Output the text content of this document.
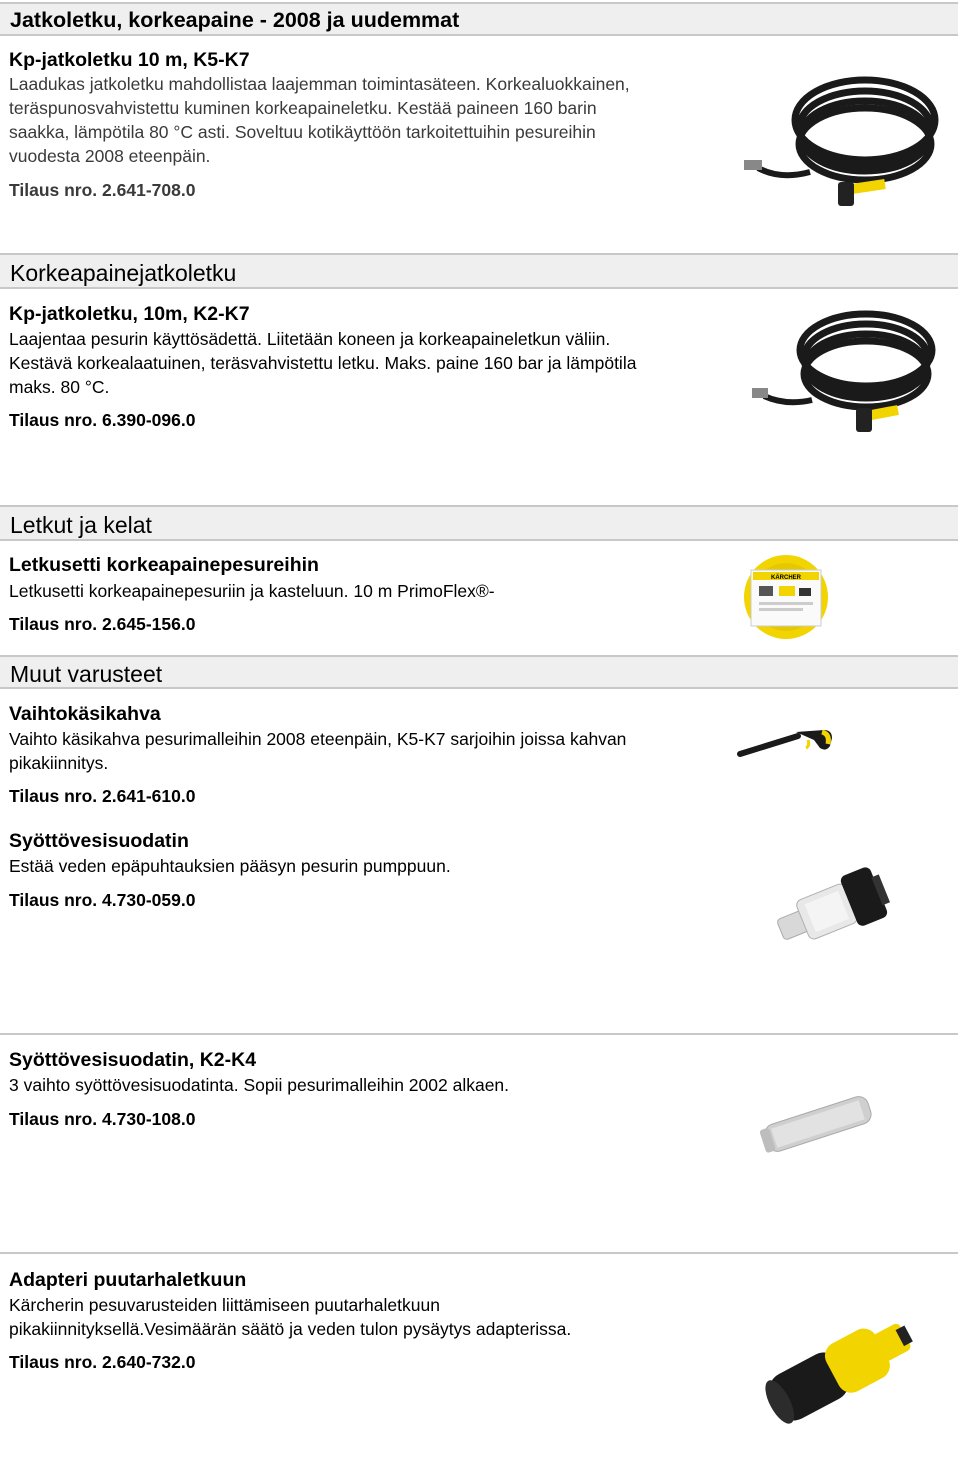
Jatkoletku, korkeapaine - 2008 ja uudemmat
Kp-jatkoletku 10 m, K5-K7
Laadukas jatkoletku mahdollistaa laajemman toimintasäteen. Korkealuokkainen,
teräspunosvahvistettu kuminen korkeapaineletku. Kestää paineen 160 barin
saakka, lämpötila 80 °C asti. Soveltuu kotikäyttöön tarkoitettuihin pesureihin
vuodesta 2008 eteenpäin.
Tilaus nro. 2.641-708.0
Korkeapainejatkoletku
Kp-jatkoletku, 10m, K2-K7
Laajentaa pesurin käyttösädettä. Liitetään koneen ja korkeapaineletkun väliin.
Kestävä korkealaatuinen, teräsvahvistettu letku. Maks. paine 160 bar ja lämpötila
maks. 80 °C.
Tilaus nro. 6.390-096.0
Letkut ja kelat
Letkusetti korkeapainepesureihin
Letkusetti korkeapainepesuriin ja kasteluun. 10 m PrimoFlex®-
Tilaus nro. 2.645-156.0
KÄRCHER
Muut varusteet
Vaihtokäsikahva
Vaihto käsikahva pesurimalleihin 2008 eteenpäin, K5-K7 sarjoihin joissa kahvan
pikakiinnitys.
Tilaus nro. 2.641-610.0
Syöttövesisuodatin
Estää veden epäpuhtauksien pääsyn pesurin pumppuun.
Tilaus nro. 4.730-059.0
Syöttövesisuodatin, K2-K4
3 vaihto syöttövesisuodatinta. Sopii pesurimalleihin 2002 alkaen.
Tilaus nro. 4.730-108.0
Adapteri puutarhaletkuun
Kärcherin pesuvarusteiden liittämiseen puutarhaletkuun
pikakiinnityksellä.Vesimäärän säätö ja veden tulon pysäytys adapterissa.
Tilaus nro. 2.640-732.0
